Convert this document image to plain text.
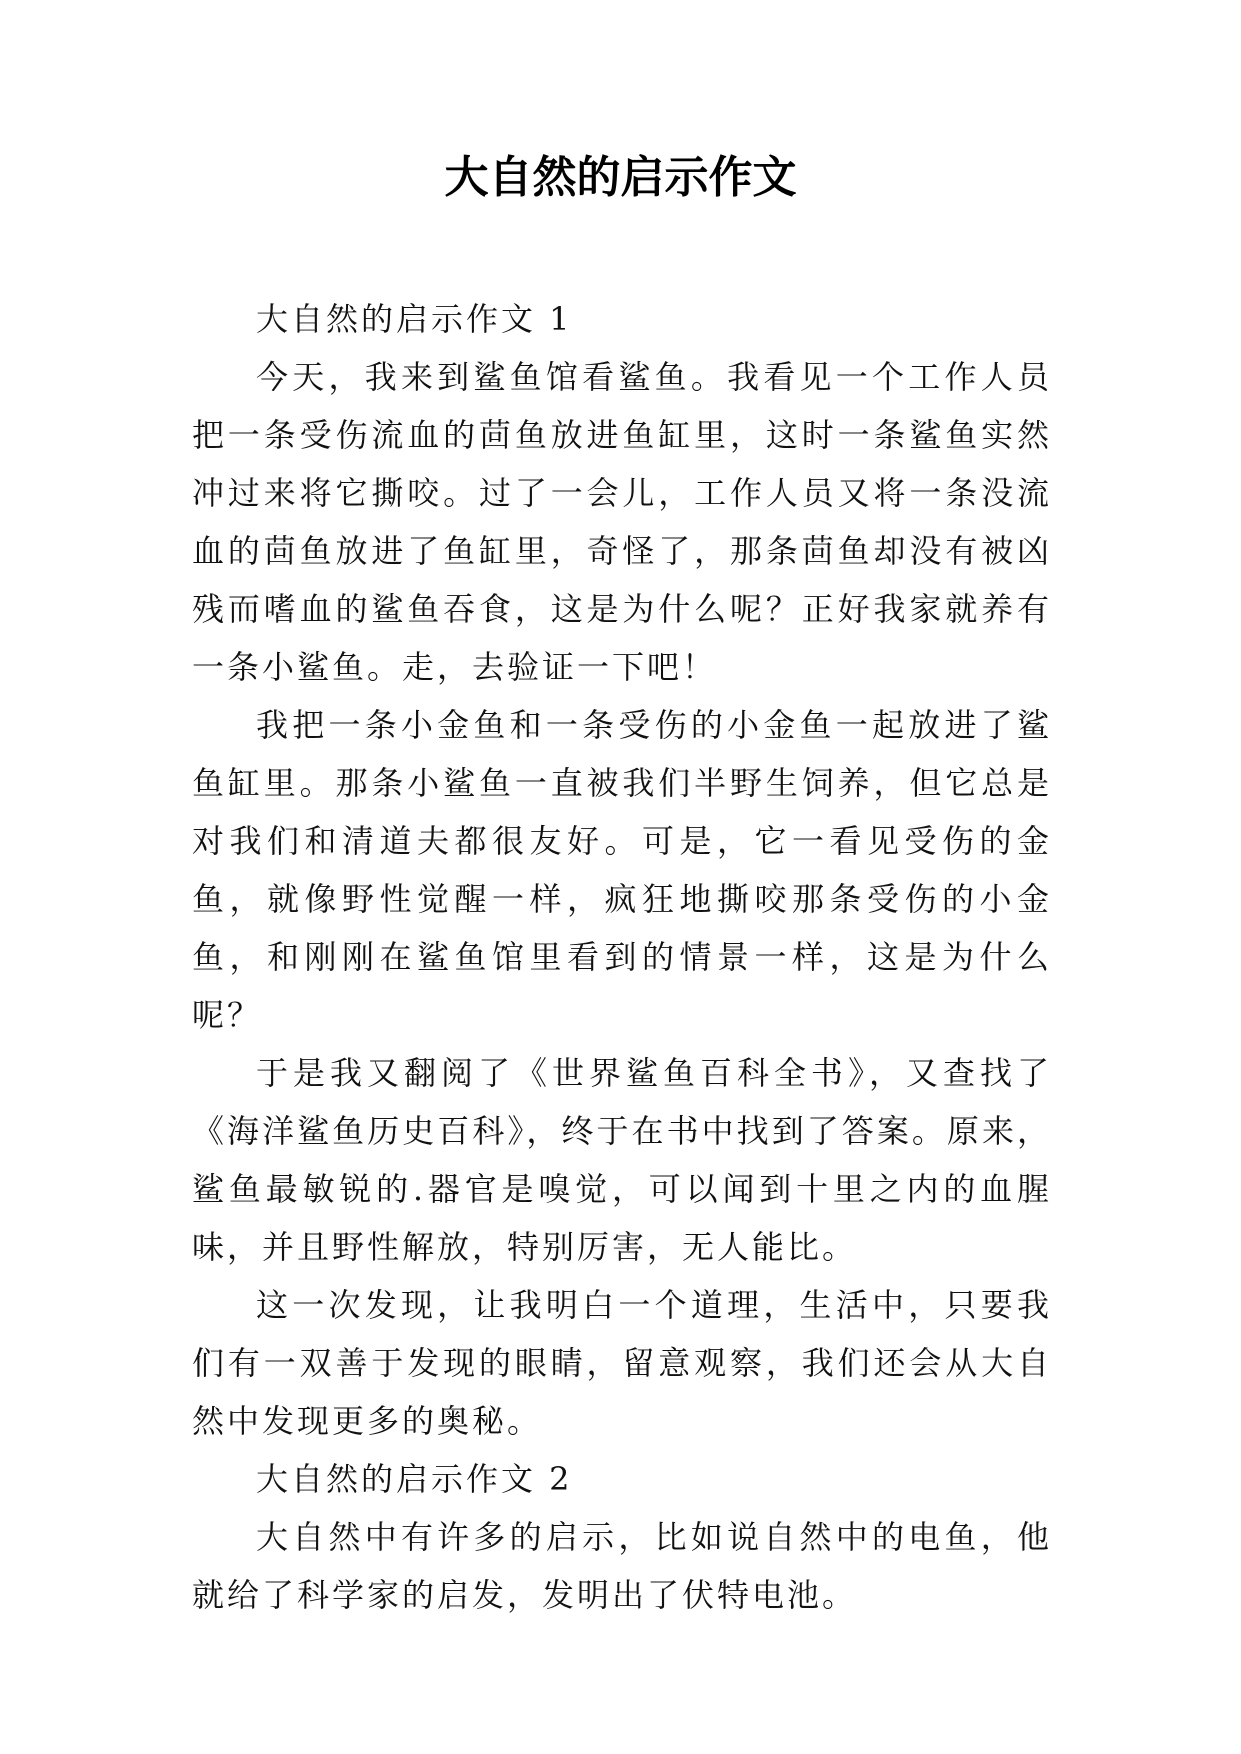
大自然的启示作文

大自然的启示作文 1

今天，我来到鲨鱼馆看鲨鱼。我看见一个工作人员把一条受伤流血的茴鱼放进鱼缸里，这时一条鲨鱼实然冲过来将它撕咬。过了一会儿，工作人员又将一条没流血的茴鱼放进了鱼缸里，奇怪了，那条茴鱼却没有被凶残而嗜血的鲨鱼吞食，这是为什么呢？正好我家就养有一条小鲨鱼。走，去验证一下吧！

我把一条小金鱼和一条受伤的小金鱼一起放进了鲨鱼缸里。那条小鲨鱼一直被我们半野生饲养，但它总是对我们和清道夫都很友好。可是，它一看见受伤的金鱼，就像野性觉醒一样，疯狂地撕咬那条受伤的小金鱼，和刚刚在鲨鱼馆里看到的情景一样，这是为什么呢？

于是我又翻阅了《世界鲨鱼百科全书》，又查找了《海洋鲨鱼历史百科》，终于在书中找到了答案。原来，鲨鱼最敏锐的.器官是嗅觉，可以闻到十里之内的血腥味，并且野性解放，特别厉害，无人能比。

这一次发现，让我明白一个道理，生活中，只要我们有一双善于发现的眼睛，留意观察，我们还会从大自然中发现更多的奥秘。

大自然的启示作文 2

大自然中有许多的启示，比如说自然中的电鱼，他就给了科学家的启发，发明出了伏特电池。
